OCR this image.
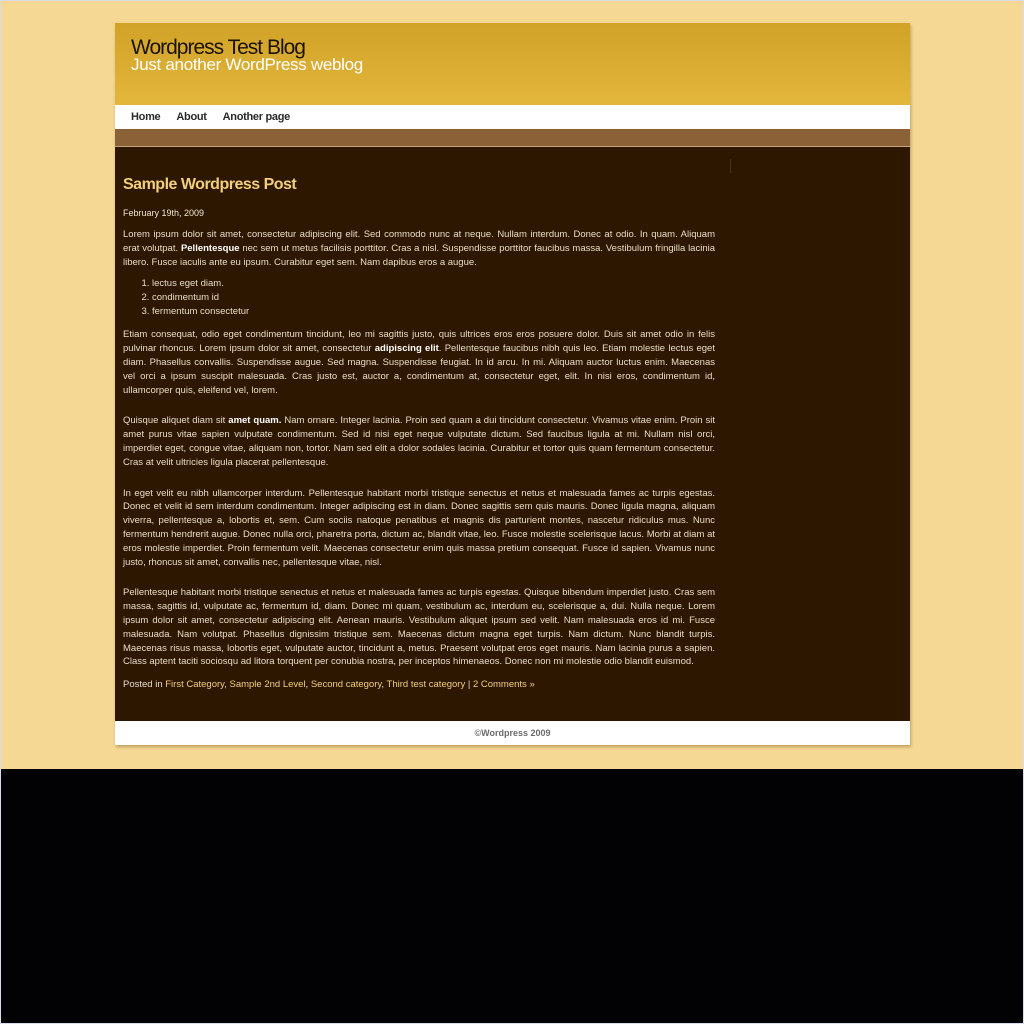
Wordpress Test Blog
Just another WordPress weblog
Home About Another page
Sample Wordpress Post
February 19th, 2009

Lorem ipsum dolor sit amet, consectetur adipiscing elit. Sed commodo nunc at neque. Nullam interdum. Donec at odio. In quam. Aliquam erat volutpat. Pellentesque nec sem ut metus facilisis porttitor. Cras a nisl. Suspendisse porttitor faucibus massa. Vestibulum fringilla lacinia libero. Fusce iaculis ante eu ipsum. Curabitur eget sem. Nam dapibus eros a augue.

1. lectus eget diam.
2. condimentum id
3. fermentum consectetur

Etiam consequat, odio eget condimentum tincidunt, leo mi sagittis justo, quis ultrices eros eros posuere dolor. Duis sit amet odio in felis pulvinar rhoncus. Lorem ipsum dolor sit amet, consectetur adipiscing elit. Pellentesque faucibus nibh quis leo. Etiam molestie lectus eget diam. Phasellus convallis. Suspendisse augue. Sed magna. Suspendisse feugiat. In id arcu. In mi. Aliquam auctor luctus enim. Maecenas vel orci a ipsum suscipit malesuada. Cras justo est, auctor a, condimentum at, consectetur eget, elit. In nisi eros, condimentum id, ullamcorper quis, eleifend vel, lorem.

Quisque aliquet diam sit amet quam. Nam ornare. Integer lacinia. Proin sed quam a dui tincidunt consectetur. Vivamus vitae enim. Proin sit amet purus vitae sapien vulputate condimentum. Sed id nisi eget neque vulputate dictum. Sed faucibus ligula at mi. Nullam nisl orci, imperdiet eget, congue vitae, aliquam non, tortor. Nam sed elit a dolor sodales lacinia. Curabitur et tortor quis quam fermentum consectetur. Cras at velit ultricies ligula placerat pellentesque.

In eget velit eu nibh ullamcorper interdum. Pellentesque habitant morbi tristique senectus et netus et malesuada fames ac turpis egestas. Donec et velit id sem interdum condimentum. Integer adipiscing est in diam. Donec sagittis sem quis mauris. Donec ligula magna, aliquam viverra, pellentesque a, lobortis et, sem. Cum sociis natoque penatibus et magnis dis parturient montes, nascetur ridiculus mus. Nunc fermentum hendrerit augue. Donec nulla orci, pharetra porta, dictum ac, blandit vitae, leo. Fusce molestie scelerisque lacus. Morbi at diam at eros molestie imperdiet. Proin fermentum velit. Maecenas consectetur enim quis massa pretium consequat. Fusce id sapien. Vivamus nunc justo, rhoncus sit amet, convallis nec, pellentesque vitae, nisl.

Pellentesque habitant morbi tristique senectus et netus et malesuada fames ac turpis egestas. Quisque bibendum imperdiet justo. Cras sem massa, sagittis id, vulputate ac, fermentum id, diam. Donec mi quam, vestibulum ac, interdum eu, scelerisque a, dui. Nulla neque. Lorem ipsum dolor sit amet, consectetur adipiscing elit. Aenean mauris. Vestibulum aliquet ipsum sed velit. Nam malesuada eros id mi. Fusce malesuada. Nam volutpat. Phasellus dignissim tristique sem. Maecenas dictum magna eget turpis. Nam dictum. Nunc blandit turpis. Maecenas risus massa, lobortis eget, vulputate auctor, tincidunt a, metus. Praesent volutpat eros eget mauris. Nam lacinia purus a sapien. Class aptent taciti sociosqu ad litora torquent per conubia nostra, per inceptos himenaeos. Donec non mi molestie odio blandit euismod.

Posted in First Category, Sample 2nd Level, Second category, Third test category | 2 Comments »
©Wordpress 2009
